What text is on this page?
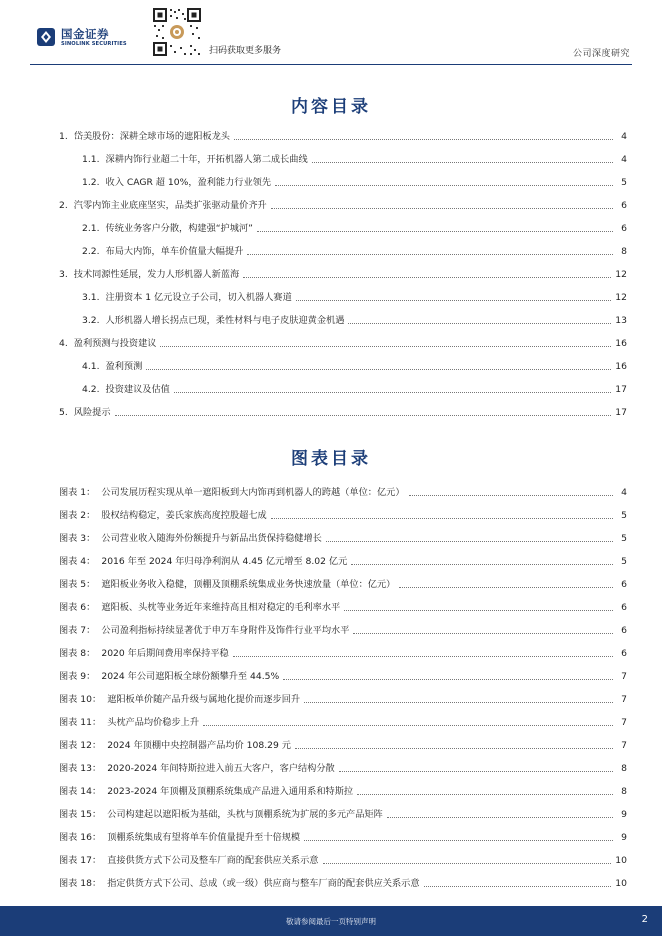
国金证券
SINOLINK SECURITIES
扫码获取更多服务	公司深度研究
内容目录
1. 岱美股份：深耕全球市场的遮阳板龙头	4
1.1. 深耕内饰行业超二十年，开拓机器人第二成长曲线	4
1.2. 收入 CAGR 超 10%，盈利能力行业领先	5
2. 汽零内饰主业底座坚实，品类扩张驱动量价齐升	6
2.1. 传统业务客户分散，构建强“护城河”	6
2.2. 布局大内饰，单车价值量大幅提升	8
3. 技术同源性延展，发力人形机器人新蓝海	12
3.1. 注册资本 1 亿元设立子公司，切入机器人赛道	12
3.2. 人形机器人增长拐点已现，柔性材料与电子皮肤迎黄金机遇	13
4. 盈利预测与投资建议	16
4.1. 盈利预测	16
4.2. 投资建议及估值	17
5. 风险提示	17
图表目录
图表 1： 公司发展历程实现从单一遮阳板到大内饰再到机器人的跨越（单位：亿元）	4
图表 2： 股权结构稳定，姜氏家族高度控股超七成	5
图表 3： 公司营业收入随海外份额提升与新品出货保持稳健增长	5
图表 4： 2016 年至 2024 年归母净利润从 4.45 亿元增至 8.02 亿元	5
图表 5： 遮阳板业务收入稳健，顶棚及顶棚系统集成业务快速放量（单位：亿元）	6
图表 6： 遮阳板、头枕等业务近年来维持高且相对稳定的毛利率水平	6
图表 7： 公司盈利指标持续显著优于申万车身附件及饰件行业平均水平	6
图表 8： 2020 年后期间费用率保持平稳	6
图表 9： 2024 年公司遮阳板全球份额攀升至 44.5%	7
图表 10： 遮阳板单价随产品升级与属地化提价而逐步回升	7
图表 11： 头枕产品均价稳步上升	7
图表 12： 2024 年顶棚中央控制器产品均价 108.29 元	7
图表 13： 2020-2024 年间特斯拉进入前五大客户，客户结构分散	8
图表 14： 2023-2024 年顶棚及顶棚系统集成产品进入通用系和特斯拉	8
图表 15： 公司构建起以遮阳板为基础，头枕与顶棚系统为扩展的多元产品矩阵	9
图表 16： 顶棚系统集成有望将单车价值量提升至十倍规模	9
图表 17： 直接供货方式下公司及整车厂商的配套供应关系示意	10
图表 18： 指定供货方式下公司、总成（或一级）供应商与整车厂商的配套供应关系示意	10
敬请参阅最后一页特别声明	2
